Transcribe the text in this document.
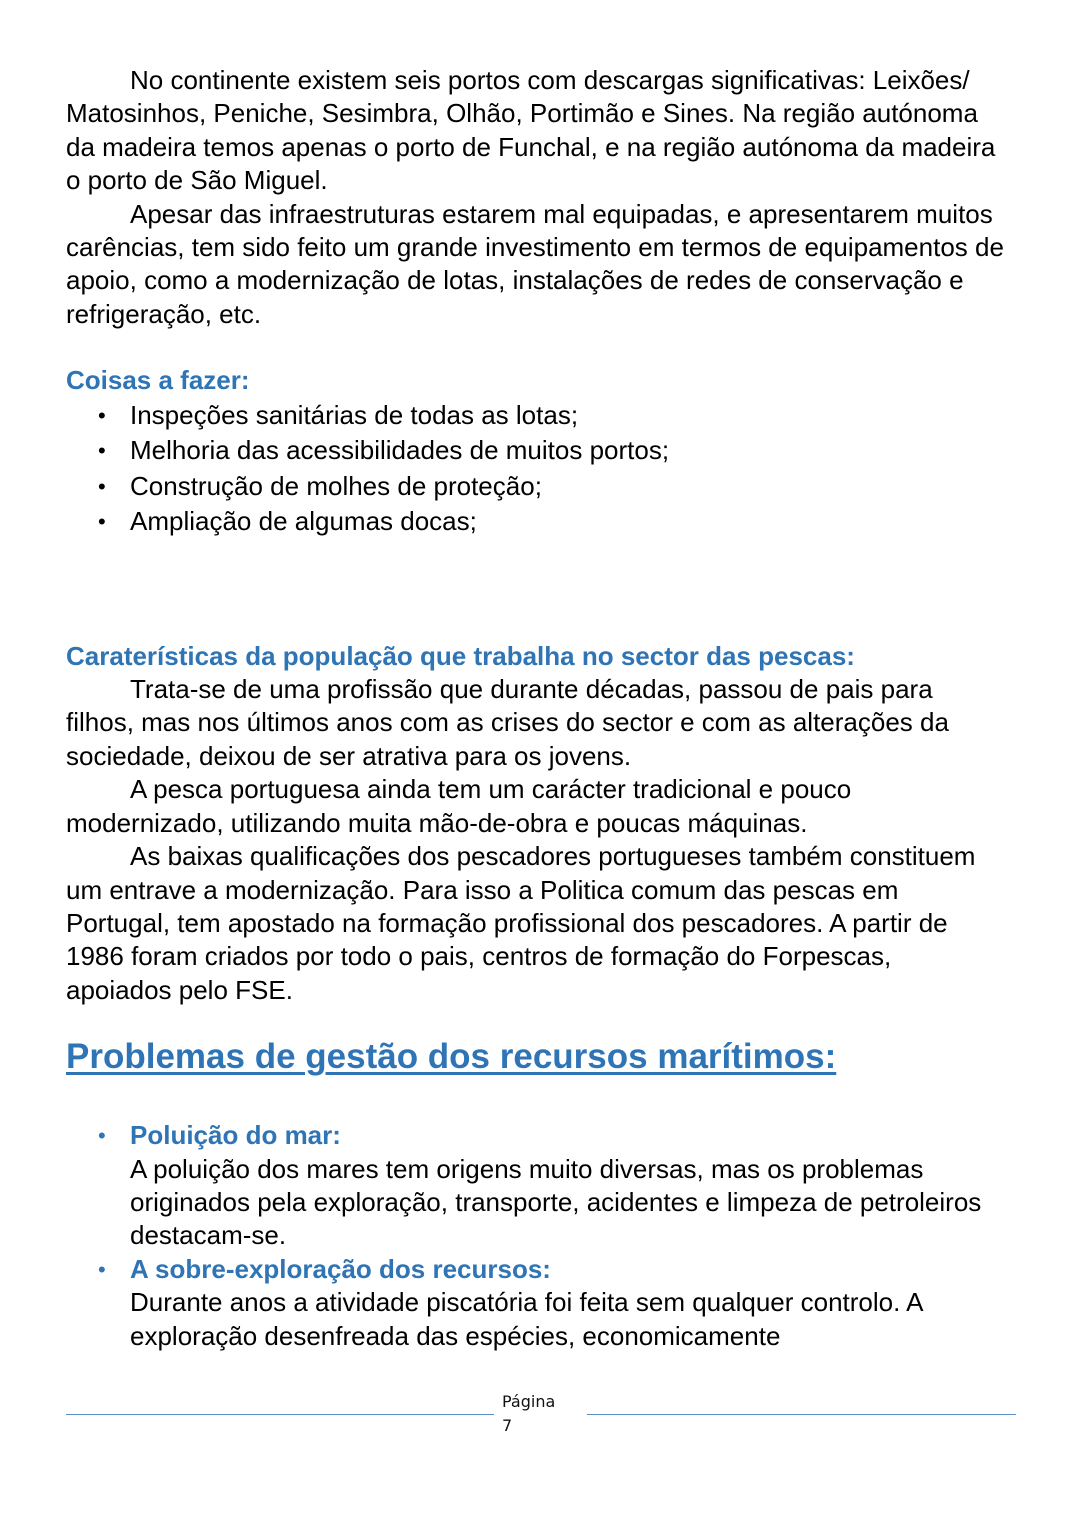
No continente existem seis portos com descargas significativas: Leixões/ Matosinhos, Peniche, Sesimbra, Olhão, Portimão e Sines. Na região autónoma da madeira temos apenas o porto de Funchal, e na região autónoma da madeira o porto de São Miguel.

Apesar das infraestruturas estarem mal equipadas, e apresentarem muitos carências, tem sido feito um grande investimento em termos de equipamentos de apoio, como a modernização de lotas, instalações de redes de conservação e refrigeração, etc.

Coisas a fazer:
• Inspeções sanitárias de todas as lotas;
• Melhoria das acessibilidades de muitos portos;
• Construção de molhes de proteção;
• Ampliação de algumas docas;
Caraterísticas da população que trabalha no sector das pescas:

Trata-se de uma profissão que durante décadas, passou de pais para filhos, mas nos últimos anos com as crises do sector e com as alterações da sociedade, deixou de ser atrativa para os jovens.

A pesca portuguesa ainda tem um carácter tradicional e pouco modernizado, utilizando muita mão-de-obra e poucas máquinas.

As baixas qualificações dos pescadores portugueses também constituem um entrave a modernização. Para isso a Politica comum das pescas em Portugal, tem apostado na formação profissional dos pescadores. A partir de 1986 foram criados por todo o pais, centros de formação do Forpescas, apoiados pelo FSE.

Problemas de gestão dos recursos marítimos:
• Poluição do mar:

A poluição dos mares tem origens muito diversas, mas os problemas originados pela exploração, transporte, acidentes e limpeza de petroleiros destacam-se.

• A sobre-exploração dos recursos:

Durante anos a atividade piscatória foi feita sem qualquer controlo. A exploração desenfreada das espécies, economicamente

Página
7
